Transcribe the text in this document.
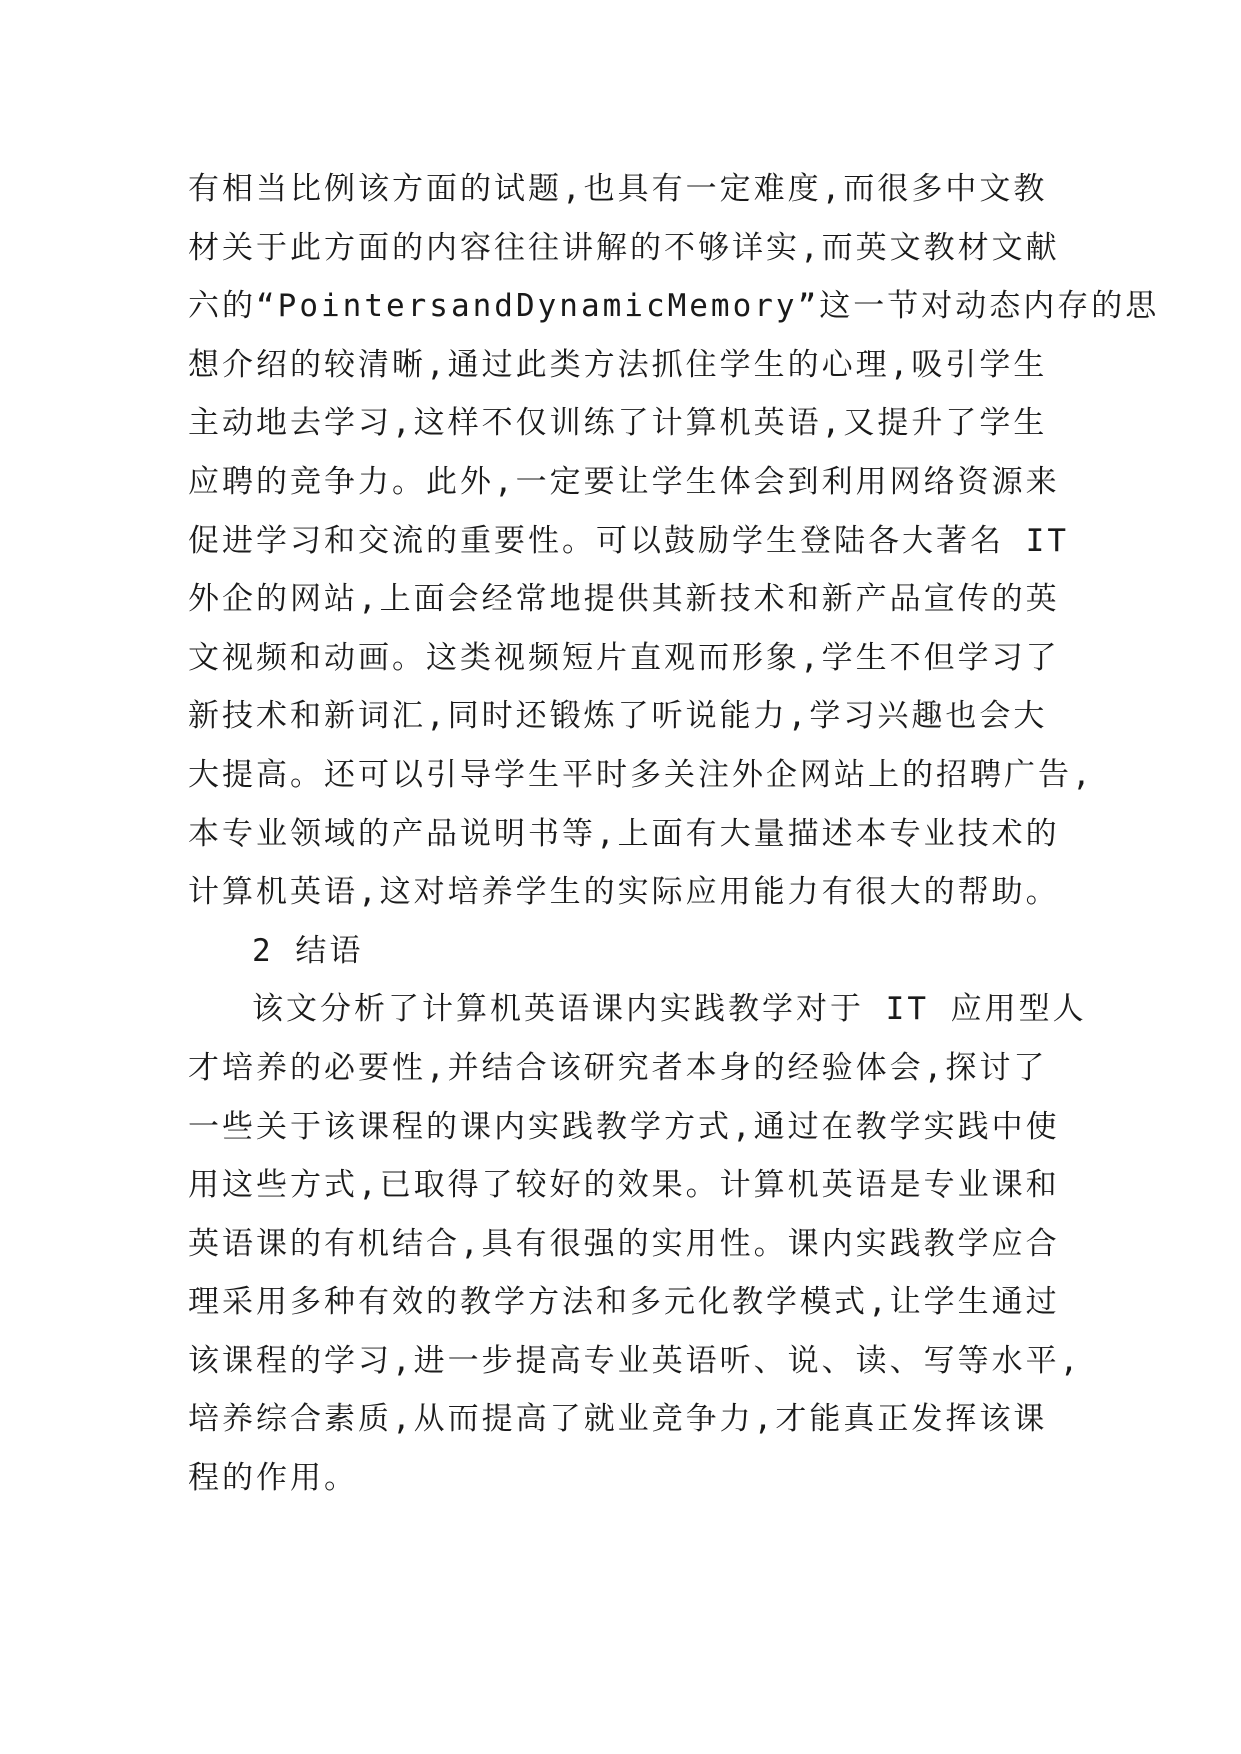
有相当比例该方面的试题,也具有一定难度,而很多中文教
材关于此方面的内容往往讲解的不够详实,而英文教材文献
六的“PointersandDynamicMemory”这一节对动态内存的思
想介绍的较清晰,通过此类方法抓住学生的心理,吸引学生
主动地去学习,这样不仅训练了计算机英语,又提升了学生
应聘的竞争力。此外,一定要让学生体会到利用网络资源来
促进学习和交流的重要性。可以鼓励学生登陆各大著名 IT
外企的网站,上面会经常地提供其新技术和新产品宣传的英
文视频和动画。这类视频短片直观而形象,学生不但学习了
新技术和新词汇,同时还锻炼了听说能力,学习兴趣也会大
大提高。还可以引导学生平时多关注外企网站上的招聘广告,
本专业领域的产品说明书等,上面有大量描述本专业技术的
计算机英语,这对培养学生的实际应用能力有很大的帮助。
2 结语
该文分析了计算机英语课内实践教学对于 IT 应用型人
才培养的必要性,并结合该研究者本身的经验体会,探讨了
一些关于该课程的课内实践教学方式,通过在教学实践中使
用这些方式,已取得了较好的效果。计算机英语是专业课和
英语课的有机结合,具有很强的实用性。课内实践教学应合
理采用多种有效的教学方法和多元化教学模式,让学生通过
该课程的学习,进一步提高专业英语听、说、读、写等水平,
培养综合素质,从而提高了就业竞争力,才能真正发挥该课
程的作用。
